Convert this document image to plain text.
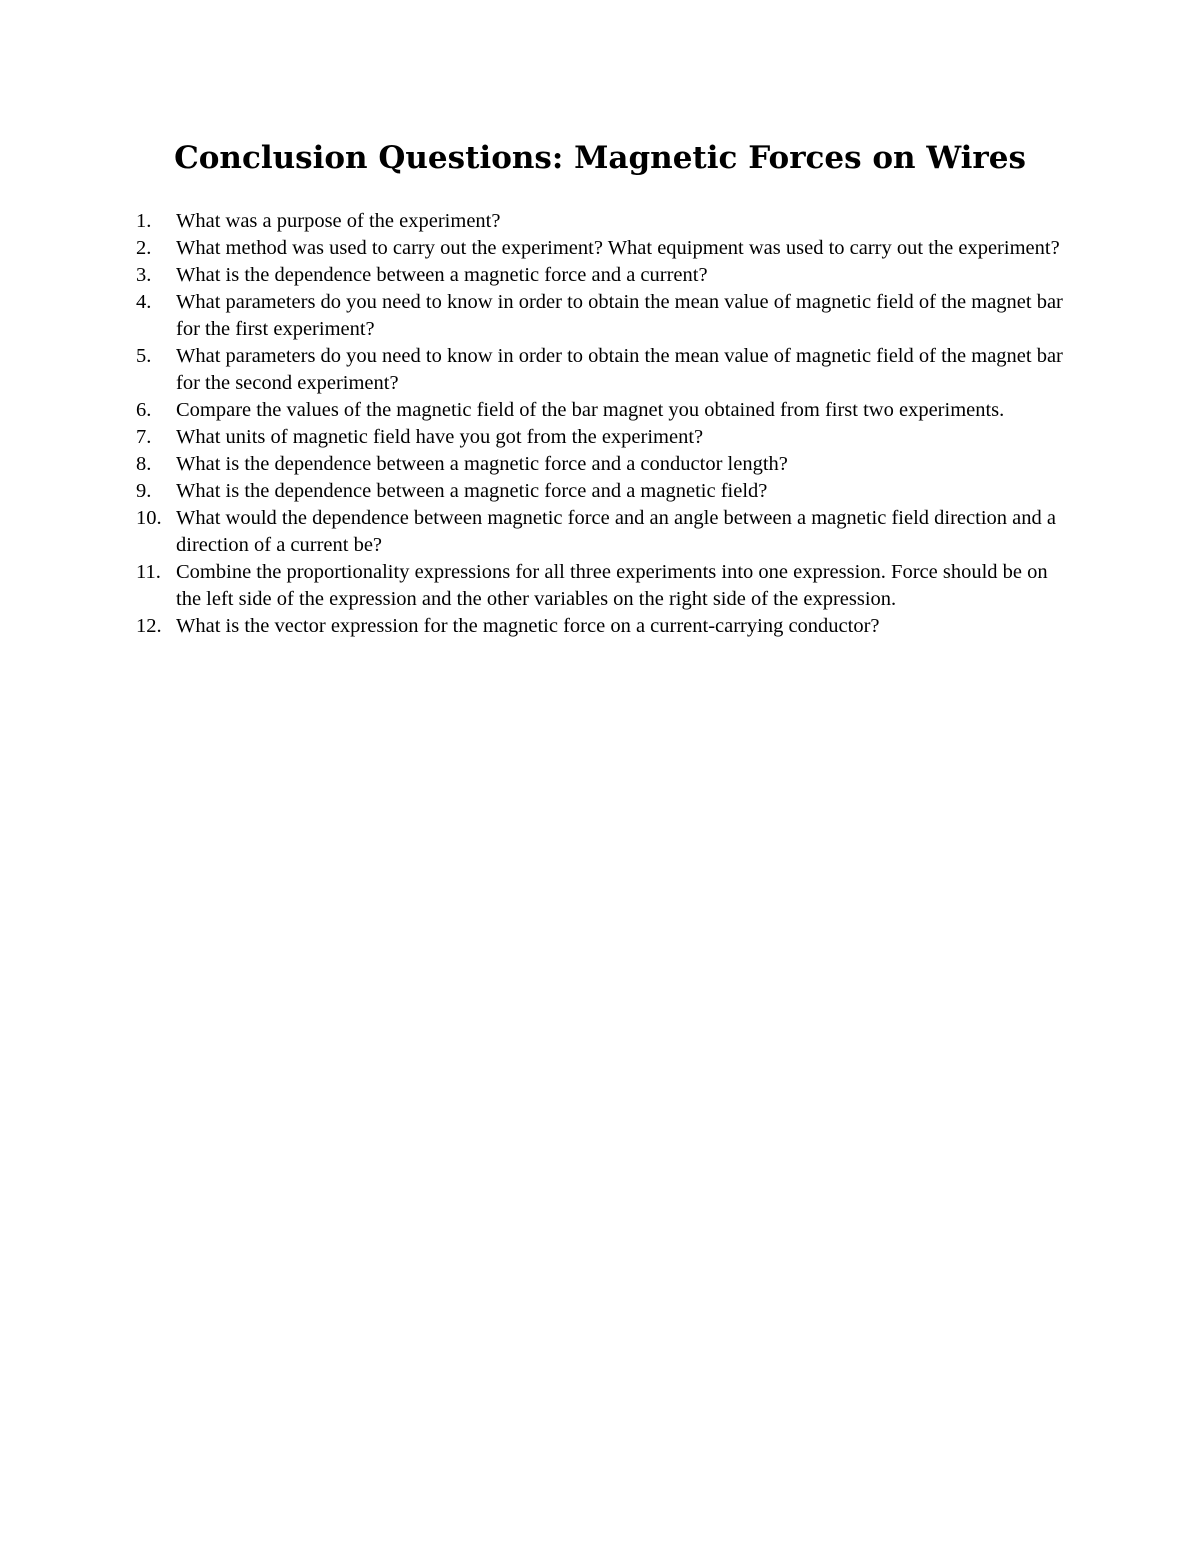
Conclusion Questions: Magnetic Forces on Wires
1.	What was a purpose of the experiment?
2.	What method was used to carry out the experiment? What equipment was used to carry out the experiment?
3.	What is the dependence between a magnetic force and a current?
4.	What parameters do you need to know in order to obtain the mean value of magnetic field of the magnet bar for the first experiment?
5.	What parameters do you need to know in order to obtain the mean value of magnetic field of the magnet bar for the second experiment?
6.	Compare the values of the magnetic field of the bar magnet you obtained from first two experiments.
7.	What units of magnetic field have you got from the experiment?
8.	What is the dependence between a magnetic force and a conductor length?
9.	What is the dependence between a magnetic force and a magnetic field?
10. What would the dependence between magnetic force and an angle between a magnetic field direction and a direction of a current be?
11. Combine the proportionality expressions for all three experiments into one expression. Force should be on the left side of the expression and the other variables on the right side of the expression.
12. What is the vector expression for the magnetic force on a current-carrying conductor?
